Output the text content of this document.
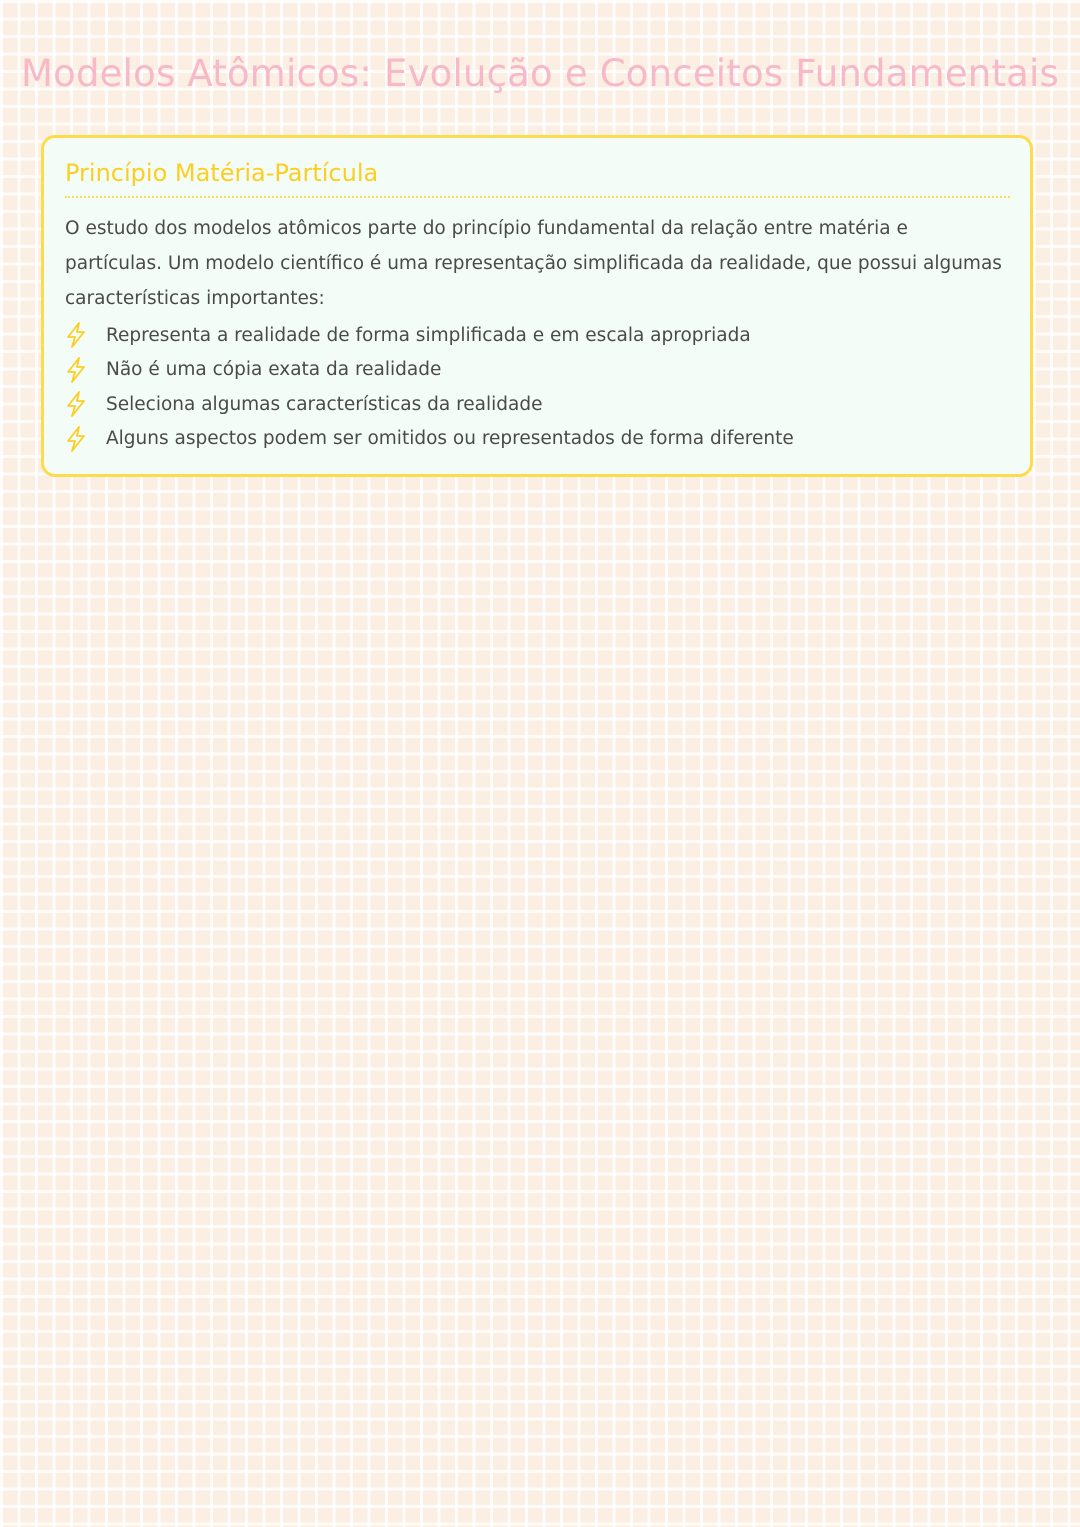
Modelos Atômicos: Evolução e Conceitos Fundamentais
Princípio Matéria-Partícula

O estudo dos modelos atômicos parte do princípio fundamental da relação entre matéria e partículas. Um modelo científico é uma representação simplificada da realidade, que possui algumas características importantes:

Representa a realidade de forma simplificada e em escala apropriada
Não é uma cópia exata da realidade
Seleciona algumas características da realidade
Alguns aspectos podem ser omitidos ou representados de forma diferente
